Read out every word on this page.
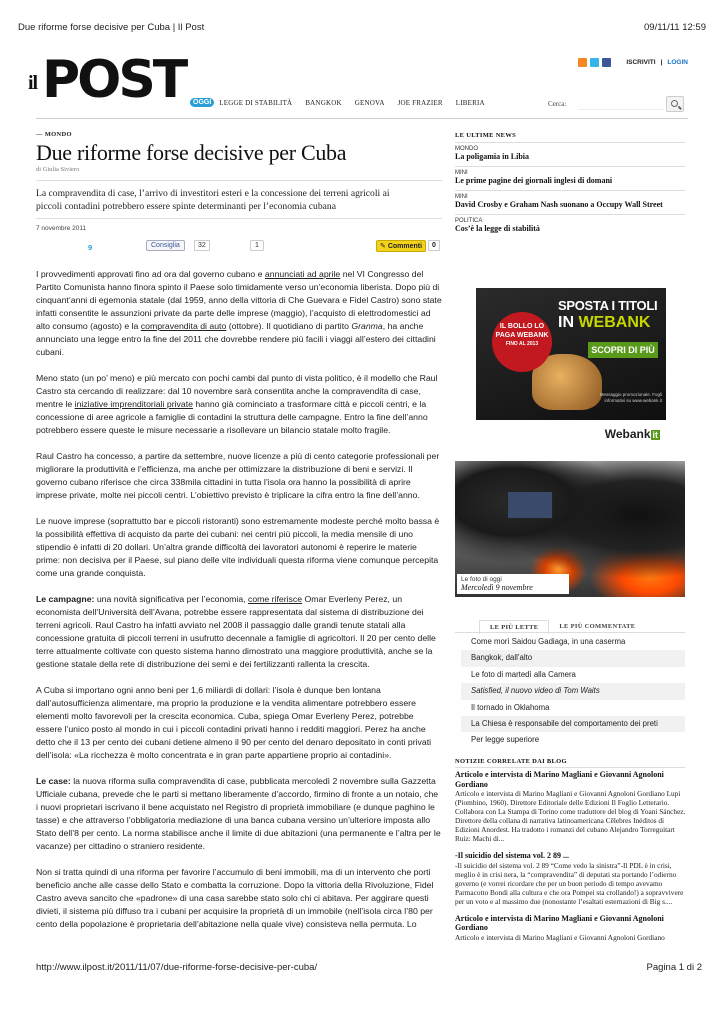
Due riforme forse decisive per Cuba | Il Post	09/11/11 12:59
il POST	ISCRIVITI | LOGIN
OGGI	LEGGE DI STABILITÀ BANGKOK GENOVA JOE FRAZIER LIBERIA	Cerca:
— MONDO
Due riforme forse decisive per Cuba
di Giulia Siviero
La compravendita di case, l’arrivo di investitori esteri e la concessione dei terreni agricoli ai piccoli contadini potrebbero essere spinte determinanti per l’economia cubana
7 novembre 2011
9	Consiglia	32	1	✎ Commenti	0

I provvedimenti approvati fino ad ora dal governo cubano e annunciati ad aprile nel VI Congresso del Partito Comunista hanno finora spinto il Paese solo timidamente verso un’economia liberista. Dopo più di cinquant’anni di egemonia statale (dal 1959, anno della vittoria di Che Guevara e Fidel Castro) sono state infatti consentite le assunzioni private da parte delle imprese (maggio), l’acquisto di elettrodomestici ad alto consumo (agosto) e la compravendita di auto (ottobre). Il quotidiano di partito Granma, ha anche annunciato una legge entro la fine del 2011 che dovrebbe rendere più facili i viaggi all’estero dei cittadini cubani.

Meno stato (un po’ meno) e più mercato con pochi cambi dal punto di vista politico, è il modello che Raul Castro sta cercando di realizzare: dal 10 novembre sarà consentita anche la compravendita di case, mentre le iniziative imprenditoriali private hanno già cominciato a trasformare città e piccoli centri, e la concessione di aree agricole a famiglie di contadini la struttura delle campagne. Entro la fine dell’anno potrebbero essere queste le misure necessarie a risollevare un bilancio statale molto fragile.

Raul Castro ha concesso, a partire da settembre, nuove licenze a più di cento categorie professionali per migliorare la produttività e l’efficienza, ma anche per ottimizzare la distribuzione di beni e servizi. Il governo cubano riferisce che circa 338mila cittadini in tutta l’isola ora hanno la possibilità di aprire imprese private, molte nei piccoli centri. L’obiettivo previsto è triplicare la cifra entro la fine dell’anno.

Le nuove imprese (soprattutto bar e piccoli ristoranti) sono estremamente modeste perché molto bassa è la possibilità effettiva di acquisto da parte dei cubani: nei centri più piccoli, la media mensile di uno stipendio è infatti di 20 dollari. Un’altra grande difficoltà dei lavoratori autonomi è reperire le materie prime: non decisiva per il Paese, sul piano delle vite individuali questa riforma viene comunque percepita come una grande conquista.

Le campagne: una novità significativa per l’economia, come riferisce Omar Everleny Perez, un economista dell’Università dell’Avana, potrebbe essere rappresentata dal sistema di distribuzione dei terreni agricoli. Raul Castro ha infatti avviato nel 2008 il passaggio dalle grandi tenute statali alla concessione gratuita di piccoli terreni in usufrutto decennale a famiglie di agricoltori. Il 20 per cento delle terre attualmente coltivate con questo sistema hanno dimostrato una maggiore produttività, anche se la gestione statale della rete di distribuzione dei semi e dei fertilizzanti rallenta la crescita.

A Cuba si importano ogni anno beni per 1,6 miliardi di dollari: l’isola è dunque ben lontana dall’autosufficienza alimentare, ma proprio la produzione e la vendita alimentare potrebbero essere elementi molto favorevoli per la crescita economica. Cuba, spiega Omar Everleny Perez, potrebbe essere l’unico posto al mondo in cui i piccoli contadini privati hanno i redditi maggiori. Perez ha anche detto che il 13 per cento dei cubani detiene almeno il 90 per cento del denaro depositato in conti privati dell’isola: «La ricchezza è molto concentrata e in gran parte appartiene proprio ai contadini».

Le case: la nuova riforma sulla compravendita di case, pubblicata mercoledì 2 novembre sulla Gazzetta Ufficiale cubana, prevede che le parti si mettano liberamente d’accordo, firmino di fronte a un notaio, che i nuovi proprietari iscrivano il bene acquistato nel Registro di proprietà immobiliare (e dunque paghino le tasse) e che attraverso l’obbligatoria mediazione di una banca cubana versino un’ulteriore imposta allo Stato dell’8 per cento. La norma stabilisce anche il limite di due abitazioni (una permanente e l’altra per le vacanze) per cittadino o straniero residente.

Non si tratta quindi di una riforma per favorire l’accumulo di beni immobili, ma di un intervento che porti beneficio anche alle casse dello Stato e combatta la corruzione. Dopo la vittoria della Rivoluzione, Fidel Castro aveva sancito che «padrone» di una casa sarebbe stato solo chi ci abitava. Per aggirare questi divieti, il sistema più diffuso tra i cubani per acquisire la proprietà di un immobile (nell’isola circa l’80 per cento della popolazione è proprietaria dell’abitazione nella quale vive) consisteva nella permuta. Lo

LE ULTIME NEWS
MONDO
La poligamia in Libia
MINI
Le prime pagine dei giornali inglesi di domani
MINI
David Crosby e Graham Nash suonano a Occupy Wall Street
POLITICA
Cos’è la legge di stabilità
SPOSTA I TITOLI
IN WEBANK
IL BOLLO LO PAGA WEBANK
FINO AL 2013
SCOPRI DI PIÙ
Messaggio promozionale. Fogli informativi su www.webank.it
Webank it
Le foto di oggi
Mercoledì 9 novembre
LE PIÙ LETTE	LE PIÙ COMMENTATE
Come morì Saidou Gadiaga, in una caserma
Bangkok, dall’alto
Le foto di martedì alla Camera
Satisfied, il nuovo video di Tom Waits
Il tornado in Oklahoma
La Chiesa è responsabile del comportamento dei preti
Per legge superiore
NOTIZIE CORRELATE DAI BLOG
Articolo e intervista di Marino Magliani e Giovanni Agnoloni Gordiano
Articolo e intervista di Marino Magliani e Giovanni Agnoloni Gordiano Lupi (Piombino, 1960). Direttore Editoriale delle Edizioni Il Foglio Letterario. Collabora con La Stampa di Torino come traduttore del blog di Yoani Sánchez. Direttore della collana di narrativa latinoamericana Cēlebres Inéditos di Edizioni Anordest. Ha tradotto i romanzi del cubano Alejandro Torreguitart Ruiz: Machi di...
-Il suicidio del sistema vol. 2 89 ...
-Il suicidio del sistema vol. 2 89 “Come vedo la sinistra”-Il PDL è in crisi, meglio è in crisi nera, la “compravendita” di deputati sta portando l’odierno governo (e vorrei ricordare che per un buon periodo di tempo avevamo Parmacotto Bondi alla cultura e che ora Pompei sta crollando!) a sopravvivere per un voto e al massimo due (nonostante l’esaltati esternazioni di Big s....
Articolo e intervista di Marino Magliani e Giovanni Agnoloni Gordiano
Articolo e intervista di Marino Magliani e Giovanni Agnoloni Gordiano
http://www.ilpost.it/2011/11/07/due-riforme-forse-decisive-per-cuba/	Pagina 1 di 2
